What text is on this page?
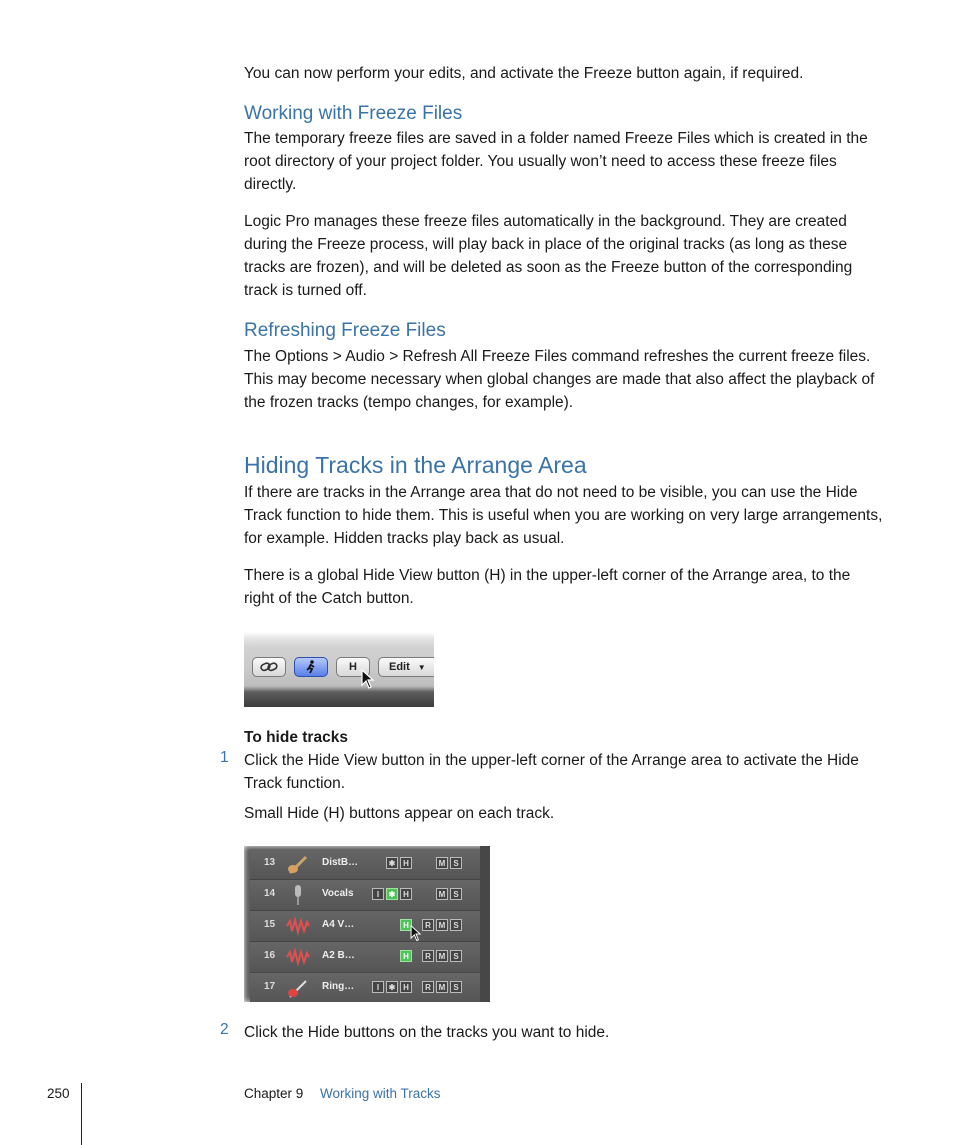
You can now perform your edits, and activate the Freeze button again, if required.

Working with Freeze Files

The temporary freeze files are saved in a folder named Freeze Files which is created in the root directory of your project folder. You usually won’t need to access these freeze files directly.

Logic Pro manages these freeze files automatically in the background. They are created during the Freeze process, will play back in place of the original tracks (as long as these tracks are frozen), and will be deleted as soon as the Freeze button of the corresponding track is turned off.

Refreshing Freeze Files

The Options > Audio > Refresh All Freeze Files command refreshes the current freeze files. This may become necessary when global changes are made that also affect the playback of the frozen tracks (tempo changes, for example).

Hiding Tracks in the Arrange Area

If there are tracks in the Arrange area that do not need to be visible, you can use the Hide Track function to hide them. This is useful when you are working on very large arrangements, for example. Hidden tracks play back as usual.

There is a global Hide View button (H) in the upper-left corner of the Arrange area, to the right of the Catch button.

H	Edit ▼

To hide tracks

1 Click the Hide View button in the upper-left corner of the Arrange area to activate the Hide Track function.

Small Hide (H) buttons appear on each track.

13	DistB…	✱ H	M	S
14	Vocals	I	✱ H	M	S
15	A4 V…	H	R M	S
16	A2 B…	H	R M	S
17	Ring…	I	✱ H	R M	S
2 Click the Hide buttons on the tracks you want to hide.

250	Chapter 9 Working with Tracks
